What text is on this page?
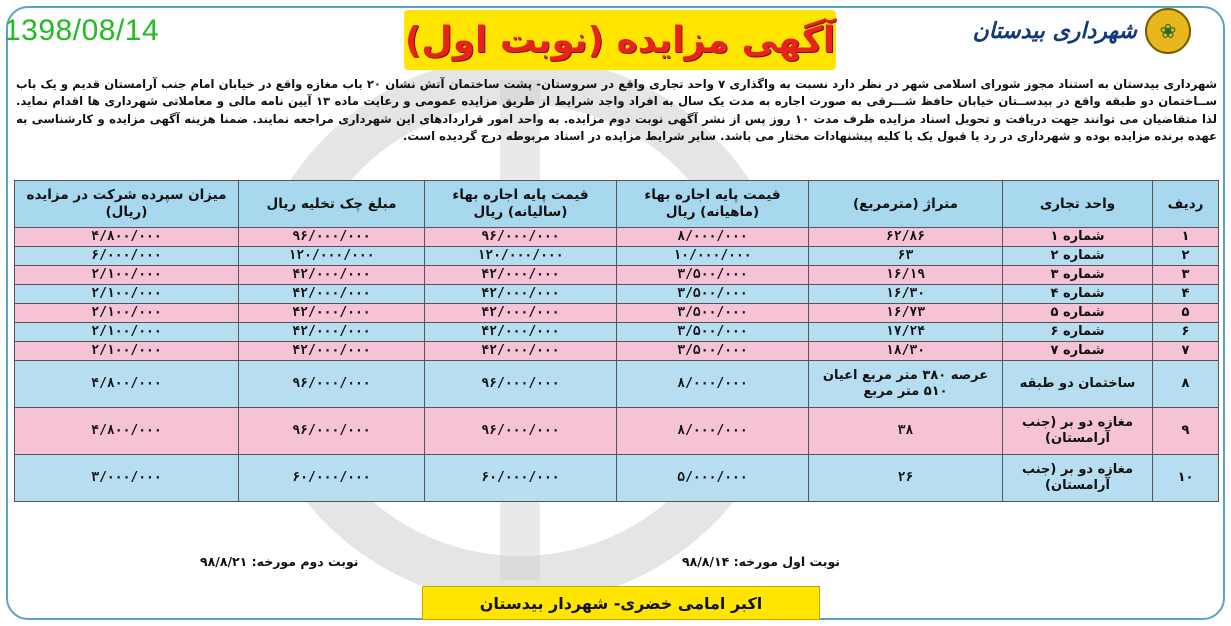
1398/08/14	آگهی مزایده (نوبت اول)	❀
شهرداری بیدستان
شهرداری بیدستان به استناد مجوز شورای اسلامی شهر در نظر دارد نسبت به واگذاری ۷ واحد تجاری واقع در سروستان- پشت ساختمان آتش نشان ۲۰ باب مغازه واقع در خیابان امام جنب آرامستان قدیم و یک باب ســاختمان دو طبقه واقع در بیدســتان خیابان حافظ شـــرقی به صورت اجاره به مدت یک سال به افراد واجد شرایط از طریق مزایده عمومی و رعایت ماده ۱۳ آیین نامه مالی و معاملاتی شهرداری ها اقدام نماید. لذا متقاضیان می توانند جهت دریافت و تحویل اسناد مزایده ظرف مدت ۱۰ روز پس از نشر آگهی نوبت دوم مزایده. به واحد امور قراردادهای این شهرداری مراجعه نمایند. ضمنا هزینه آگهی مزایده و کارشناسی به عهده برنده مزایده بوده و شهرداری در رد یا قبول یک یا کلیه پیشنهادات مختار می باشد. سایر شرایط مزایده در اسناد مربوطه درج گردیده است.
ردیف	واحد تجاری	متراژ (مترمربع)	قیمت پایه اجاره بهاء (ماهیانه) ریال	قیمت پایه اجاره بهاء (سالیانه) ریال	مبلغ چک تخلیه ریال	میزان سپرده شرکت در مزایده (ریال)
۱	شماره ۱	۶۲/۸۶	۸/۰۰۰/۰۰۰	۹۶/۰۰۰/۰۰۰	۹۶/۰۰۰/۰۰۰	۴/۸۰۰/۰۰۰
۲	شماره ۲	۶۳	۱۰/۰۰۰/۰۰۰	۱۲۰/۰۰۰/۰۰۰	۱۲۰/۰۰۰/۰۰۰	۶/۰۰۰/۰۰۰
۳	شماره ۳	۱۶/۱۹	۳/۵۰۰/۰۰۰	۴۲/۰۰۰/۰۰۰	۴۲/۰۰۰/۰۰۰	۲/۱۰۰/۰۰۰
۴	شماره ۴	۱۶/۳۰	۳/۵۰۰/۰۰۰	۴۲/۰۰۰/۰۰۰	۴۲/۰۰۰/۰۰۰	۲/۱۰۰/۰۰۰
۵	شماره ۵	۱۶/۷۳	۳/۵۰۰/۰۰۰	۴۲/۰۰۰/۰۰۰	۴۲/۰۰۰/۰۰۰	۲/۱۰۰/۰۰۰
۶	شماره ۶	۱۷/۲۴	۳/۵۰۰/۰۰۰	۴۲/۰۰۰/۰۰۰	۴۲/۰۰۰/۰۰۰	۲/۱۰۰/۰۰۰
۷	شماره ۷	۱۸/۳۰	۳/۵۰۰/۰۰۰	۴۲/۰۰۰/۰۰۰	۴۲/۰۰۰/۰۰۰	۲/۱۰۰/۰۰۰
۸	ساختمان دو طبقه	عرصه ۳۸۰ متر مربع اعیان ۵۱۰ متر مربع	۸/۰۰۰/۰۰۰	۹۶/۰۰۰/۰۰۰	۹۶/۰۰۰/۰۰۰	۴/۸۰۰/۰۰۰
۹	مغازه دو بر (جنب آرامستان)	۳۸	۸/۰۰۰/۰۰۰	۹۶/۰۰۰/۰۰۰	۹۶/۰۰۰/۰۰۰	۴/۸۰۰/۰۰۰
۱۰	مغازه دو بر (جنب آرامستان)	۲۶	۵/۰۰۰/۰۰۰	۶۰/۰۰۰/۰۰۰	۶۰/۰۰۰/۰۰۰	۳/۰۰۰/۰۰۰
نوبت اول مورخه: ۹۸/۸/۱۴
نوبت دوم مورخه: ۹۸/۸/۲۱
اکبر امامی خضری- شهردار بیدستان
